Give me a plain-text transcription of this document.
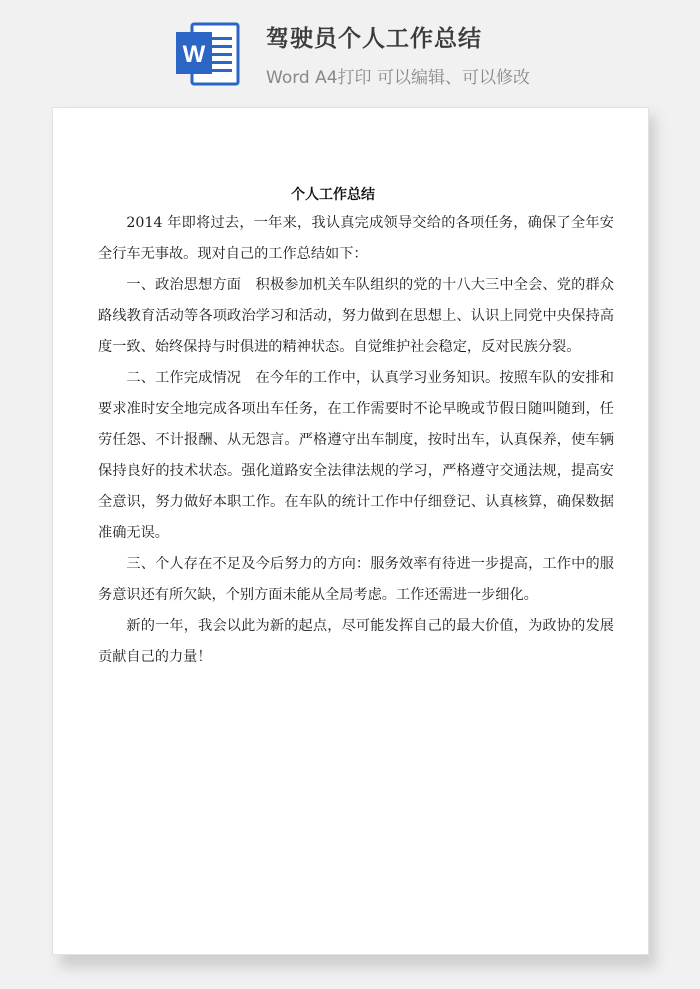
W
驾驶员个人工作总结
Word A4打印 可以编辑、可以修改
个人工作总结

2014 年即将过去，一年来，我认真完成领导交给的各项任务，确保了全年安全行车无事故。现对自己的工作总结如下：

一、政治思想方面　积极参加机关车队组织的党的十八大三中全会、党的群众路线教育活动等各项政治学习和活动，努力做到在思想上、认识上同党中央保持高度一致、始终保持与时俱进的精神状态。自觉维护社会稳定，反对民族分裂。

二、工作完成情况　在今年的工作中，认真学习业务知识。按照车队的安排和要求准时安全地完成各项出车任务，在工作需要时不论早晚或节假日随叫随到，任劳任怨、不计报酬、从无怨言。严格遵守出车制度，按时出车，认真保养，使车辆保持良好的技术状态。强化道路安全法律法规的学习，严格遵守交通法规，提高安全意识，努力做好本职工作。在车队的统计工作中仔细登记、认真核算，确保数据准确无误。

三、个人存在不足及今后努力的方向：服务效率有待进一步提高，工作中的服务意识还有所欠缺，个别方面未能从全局考虑。工作还需进一步细化。

新的一年，我会以此为新的起点，尽可能发挥自己的最大价值，为政协的发展贡献自己的力量！
